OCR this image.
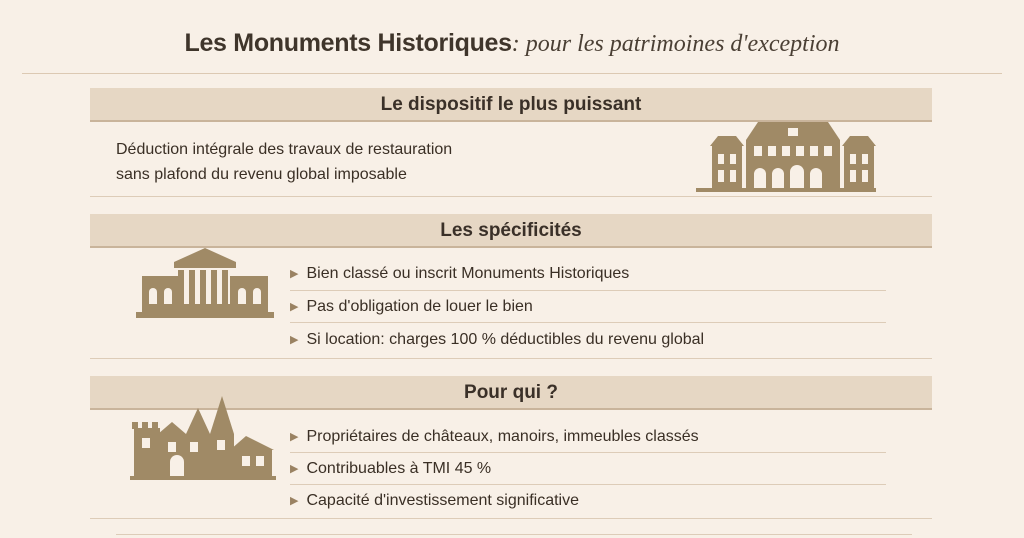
Les Monuments Historiques: pour les patrimoines d'exception
Le dispositif le plus puissant
Déduction intégrale des travaux de restauration
sans plafond du revenu global imposable
Les spécificités
▶ Bien classé ou inscrit Monuments Historiques
▶ Pas d'obligation de louer le bien
▶ Si location: charges 100 % déductibles du revenu global
Pour qui ?
▶ Propriétaires de châteaux, manoirs, immeubles classés
▶ Contribuables à TMI 45 %
▶ Capacité d'investissement significative
